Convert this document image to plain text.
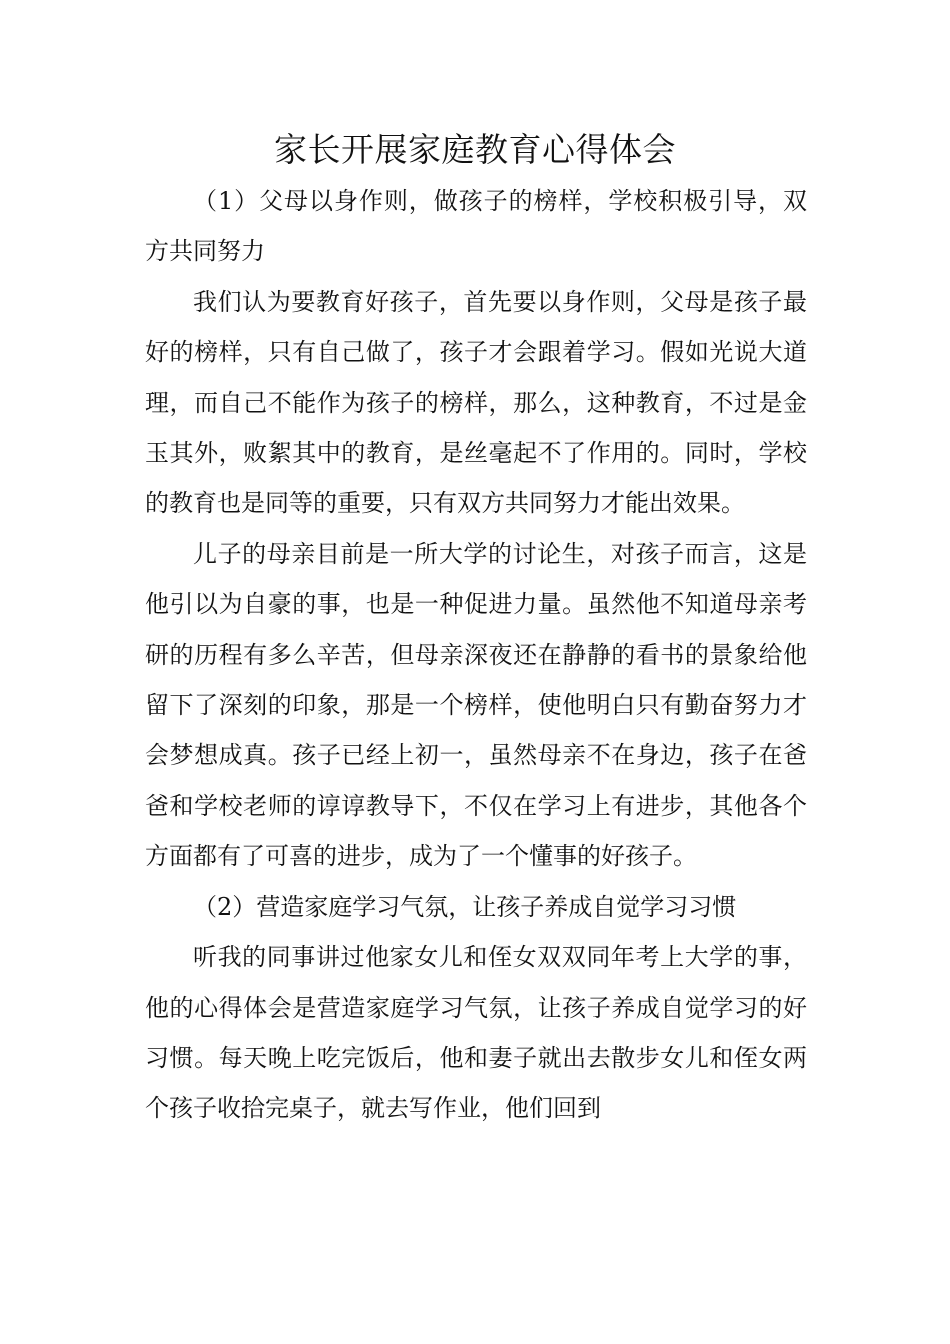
家长开展家庭教育心得体会

（1）父母以身作则，做孩子的榜样，学校积极引导，双方共同努力

我们认为要教育好孩子，首先要以身作则，父母是孩子最好的榜样，只有自己做了，孩子才会跟着学习。假如光说大道理，而自己不能作为孩子的榜样，那么，这种教育，不过是金玉其外，败絮其中的教育，是丝毫起不了作用的。同时，学校的教育也是同等的重要，只有双方共同努力才能出效果。

儿子的母亲目前是一所大学的讨论生，对孩子而言，这是他引以为自豪的事，也是一种促进力量。虽然他不知道母亲考研的历程有多么辛苦，但母亲深夜还在静静的看书的景象给他留下了深刻的印象，那是一个榜样，使他明白只有勤奋努力才会梦想成真。孩子已经上初一，虽然母亲不在身边，孩子在爸爸和学校老师的谆谆教导下，不仅在学习上有进步，其他各个方面都有了可喜的进步，成为了一个懂事的好孩子。

（2）营造家庭学习气氛，让孩子养成自觉学习习惯

听我的同事讲过他家女儿和侄女双双同年考上大学的事，他的心得体会是营造家庭学习气氛，让孩子养成自觉学习的好习惯。每天晚上吃完饭后，他和妻子就出去散步女儿和侄女两个孩子收拾完桌子，就去写作业，他们回到
